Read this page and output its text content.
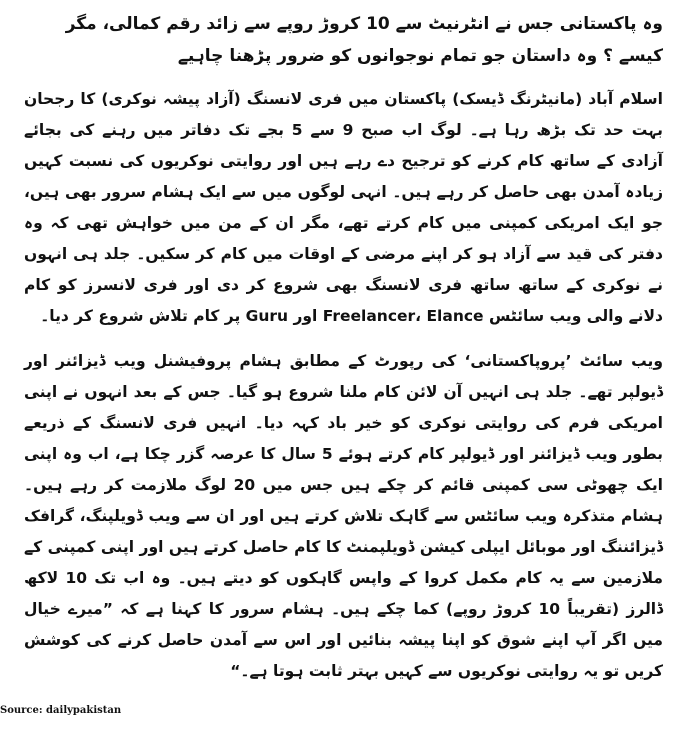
وہ پاکستانی جس نے انٹرنیٹ سے 10 کروڑ روپے سے زائد رقم کمالی، مگر کیسے ؟ وہ داستان جو تمام نوجوانوں کو ضرور پڑھنا چاہیے

اسلام آباد (مانیٹرنگ ڈیسک) پاکستان میں فری لانسنگ (آزاد پیشہ نوکری) کا رجحان بہت حد تک بڑھ رہا ہے۔ لوگ اب صبح 9 سے 5 بجے تک دفاتر میں رہنے کی بجائے آزادی کے ساتھ کام کرنے کو ترجیح دے رہے ہیں اور روایتی نوکریوں کی نسبت کہیں زیادہ آمدن بھی حاصل کر رہے ہیں۔ انہی لوگوں میں سے ایک ہشام سرور بھی ہیں، جو ایک امریکی کمپنی میں کام کرتے تھے، مگر ان کے من میں خواہش تھی کہ وہ دفتر کی قید سے آزاد ہو کر اپنے مرضی کے اوقات میں کام کر سکیں۔ جلد ہی انہوں نے نوکری کے ساتھ ساتھ فری لانسنگ بھی شروع کر دی اور فری لانسرز کو کام دلانے والی ویب سائٹس Freelancer، Elance اور Guru پر کام تلاش شروع کر دیا۔

ویب سائٹ ’پروپاکستانی‘ کی رپورٹ کے مطابق ہشام پروفیشنل ویب ڈیزائنر اور ڈیولپر تھے۔ جلد ہی انہیں آن لائن کام ملنا شروع ہو گیا۔ جس کے بعد انہوں نے اپنی امریکی فرم کی روایتی نوکری کو خیر باد کہہ دیا۔ انہیں فری لانسنگ کے ذریعے بطور ویب ڈیزائنر اور ڈیولپر کام کرتے ہوئے 5 سال کا عرصہ گزر چکا ہے، اب وہ اپنی ایک چھوٹی سی کمپنی قائم کر چکے ہیں جس میں 20 لوگ ملازمت کر رہے ہیں۔ ہشام متذکرہ ویب سائٹس سے گاہک تلاش کرتے ہیں اور ان سے ویب ڈویلپنگ، گرافک ڈیزائننگ اور موبائل ایپلی کیشن ڈویلپمنٹ کا کام حاصل کرتے ہیں اور اپنی کمپنی کے ملازمین سے یہ کام مکمل کروا کے واپس گاہکوں کو دیتے ہیں۔ وہ اب تک 10 لاکھ ڈالرز (تقریباً 10 کروڑ روپے) کما چکے ہیں۔ ہشام سرور کا کہنا ہے کہ ”میرے خیال میں اگر آپ اپنے شوق کو اپنا پیشہ بنائیں اور اس سے آمدن حاصل کرنے کی کوشش کریں تو یہ روایتی نوکریوں سے کہیں بہتر ثابت ہوتا ہے۔“

Source: dailypakistan
